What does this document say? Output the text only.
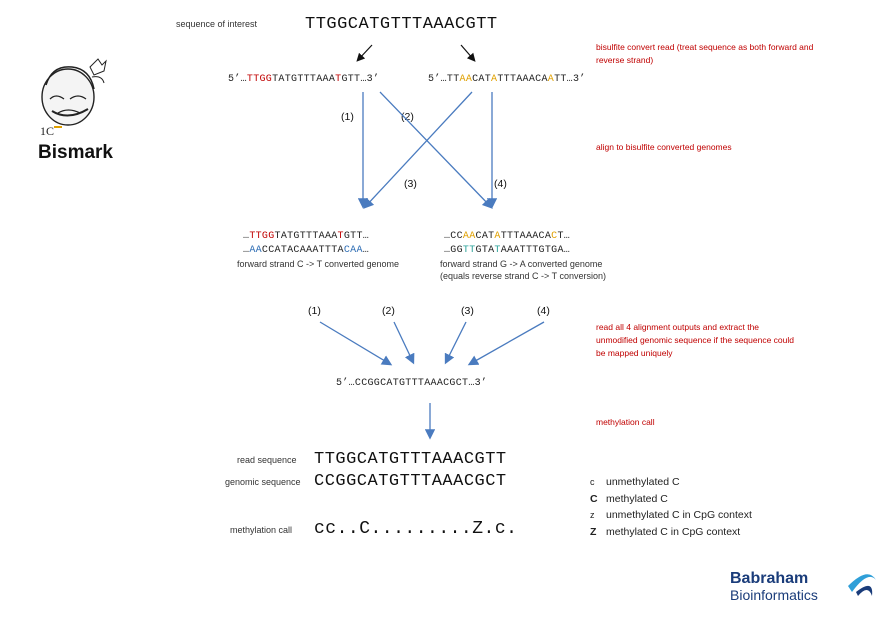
sequence of interest	TTGGCATGTTTAAACGTT
bisulfite convert read (treat sequence as both forward and reverse strand)
align to bisulfite converted genomes
read all 4 alignment outputs and extract the unmodified genomic sequence if the sequence could be mapped uniquely
methylation call
5’…TTGGTATGTTTAAATGTT…3’	5’…TTAACATATTTAAACAATT…3’
1C
Bismark
(1)	(2)
(3)	(4)
…TTGGTATGTTTAAATGTT…
…AACCATACAAATTTACAA…
forward strand C -> T converted genome
…CCAACATATTTAAACACT…
…GGTTGTATAAATTTGTGA…
forward strand G -> A converted genome
(equals reverse strand C -> T conversion)
(1)	(2)	(3)	(4)
5’…CCGGCATGTTTAAACGCT…3’
read sequence TTGGCATGTTTAAACGTT
genomic sequence CCGGCATGTTTAAACGCT
methylation call cc..C.........Z.c.
c unmethylated C
C methylated C
z unmethylated C in CpG context
Z methylated C in CpG context
Babraham
Bioinformatics
